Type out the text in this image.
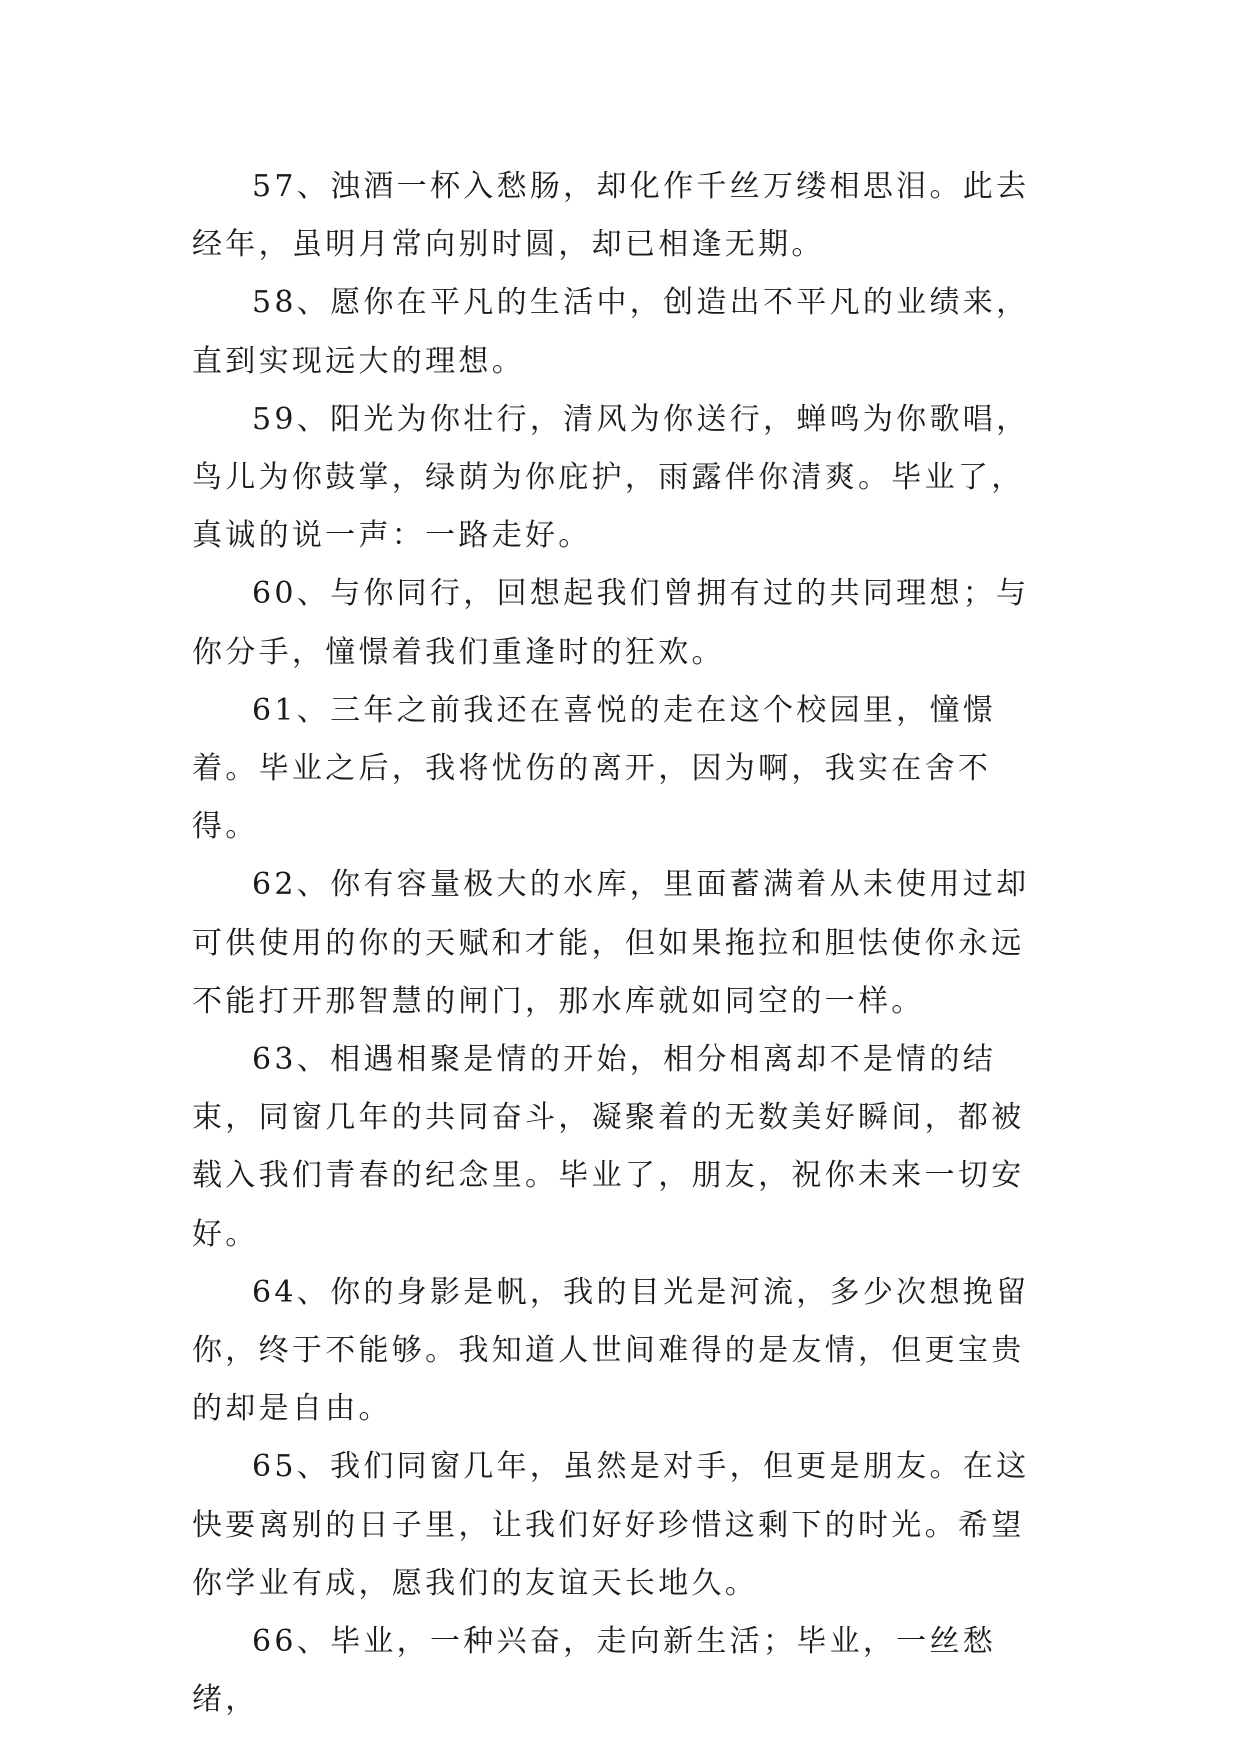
57、浊酒一杯入愁肠，却化作千丝万缕相思泪。此去经年，虽明月常向别时圆，却已相逢无期。

58、愿你在平凡的生活中，创造出不平凡的业绩来，直到实现远大的理想。

59、阳光为你壮行，清风为你送行，蝉鸣为你歌唱，鸟儿为你鼓掌，绿荫为你庇护，雨露伴你清爽。毕业了，真诚的说一声：一路走好。

60、与你同行，回想起我们曾拥有过的共同理想；与你分手，憧憬着我们重逢时的狂欢。

61、三年之前我还在喜悦的走在这个校园里，憧憬着。毕业之后，我将忧伤的离开，因为啊，我实在舍不得。

62、你有容量极大的水库，里面蓄满着从未使用过却可供使用的你的天赋和才能，但如果拖拉和胆怯使你永远不能打开那智慧的闸门，那水库就如同空的一样。

63、相遇相聚是情的开始，相分相离却不是情的结束，同窗几年的共同奋斗，凝聚着的无数美好瞬间，都被载入我们青春的纪念里。毕业了，朋友，祝你未来一切安好。

64、你的身影是帆，我的目光是河流，多少次想挽留你，终于不能够。我知道人世间难得的是友情，但更宝贵的却是自由。

65、我们同窗几年，虽然是对手，但更是朋友。在这快要离别的日子里，让我们好好珍惜这剩下的时光。希望你学业有成，愿我们的友谊天长地久。

66、毕业，一种兴奋，走向新生活；毕业，一丝愁绪，
